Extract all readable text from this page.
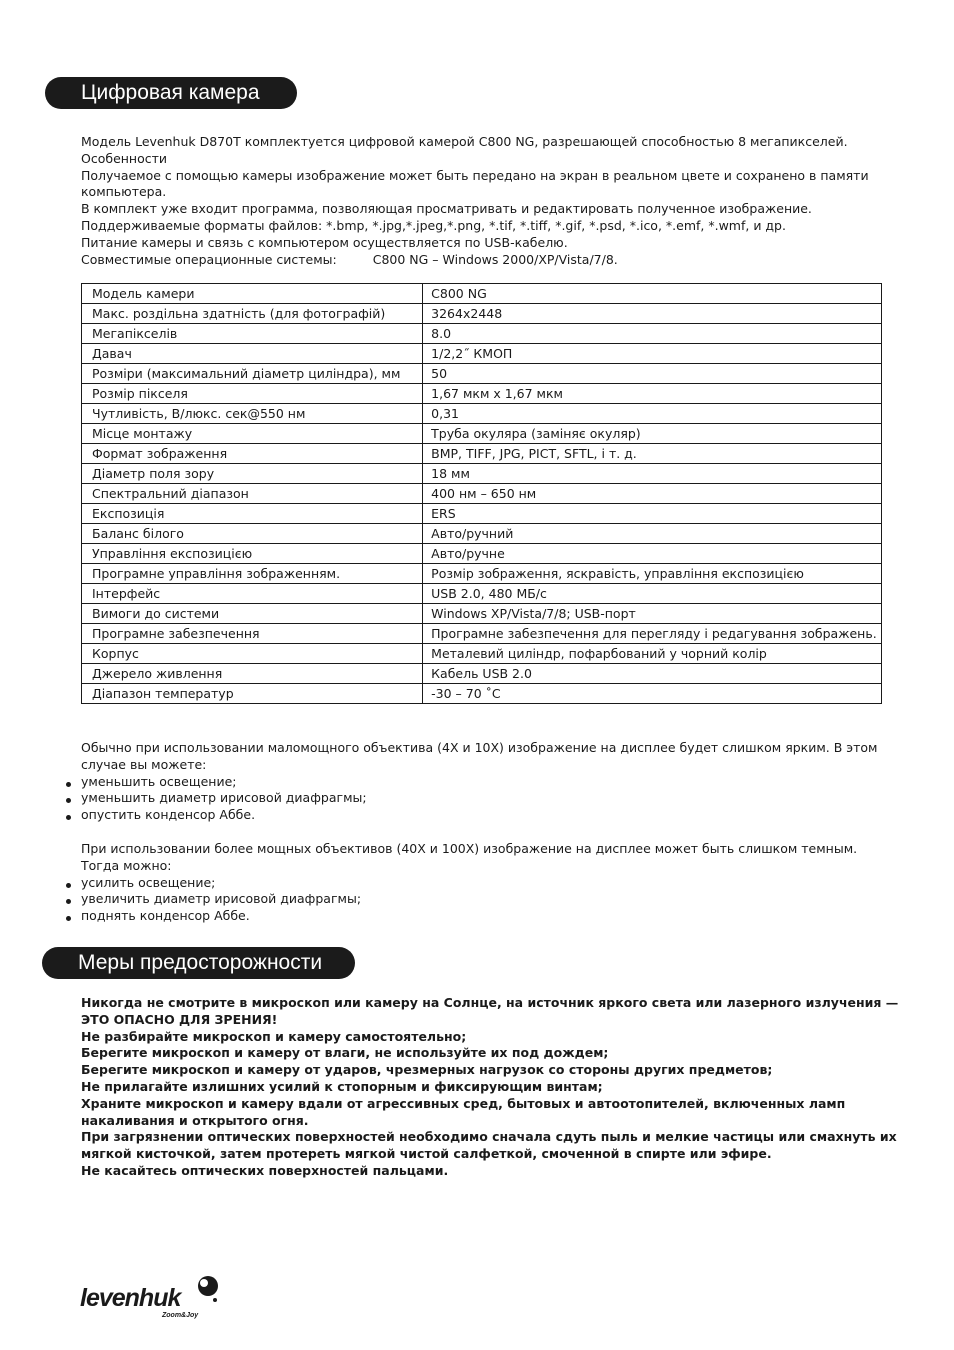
Цифровая камера
Модель Levenhuk D870T комплектуется цифровой камерой C800 NG, разрешающей способностью 8 мегапикселей.
Особенности
Получаемое с помощью камеры изображение может быть передано на экран в реальном цвете и сохранено в памяти
компьютера.
В комплект уже входит программа, позволяющая просматривать и редактировать полученное изображение.
Поддерживаемые форматы файлов: *.bmp, *.jpg,*.jpeg,*.png, *.tif, *.tiff, *.gif, *.psd, *.ico, *.emf, *.wmf, и др.
Питание камеры и связь с компьютером осуществляется по USB-кабелю.
Совместимые операционные системы:	C800 NG – Windows 2000/XP/Vista/7/8.
Модель камери	C800 NG
Макс. роздільна здатність (для фотографій)	3264x2448
Мегапікселів	8.0
Давач	1/2,2˝ КМОП
Розміри (максимальний діаметр циліндра), мм	50
Розмір пікселя	1,67 мкм x 1,67 мкм
Чутливість, В/люкс. сек@550 нм	0,31
Місце монтажу	Труба окуляра (заміняє окуляр)
Формат зображення	BMP, TIFF, JPG, PICT, SFTL, і т. д.
Діаметр поля зору	18 мм
Спектральний діапазон	400 нм – 650 нм
Експозиція	ERS
Баланс білого	Авто/ручний
Управління експозицією	Авто/ручне
Програмне управління зображенням.	Розмір зображення, яскравість, управління експозицією
Інтерфейс	USB 2.0, 480 МБ/с
Вимоги до системи	Windows XP/Vista/7/8; USB-порт
Програмне забезпечення	Програмне забезпечення для перегляду і редагування зображень.
Корпус	Металевий циліндр, пофарбований у чорний колір
Джерело живлення	Кабель USB 2.0
Діапазон температур	-30 – 70 ˚C
Обычно при использовании маломощного объектива (4Х и 10Х) изображение на дисплее будет слишком ярким. В этом
случае вы можете:
уменьшить освещение;
уменьшить диаметр ирисовой диафрагмы;
опустить конденсор Аббе.
При использовании более мощных объективов (40Х и 100Х) изображение на дисплее может быть слишком темным.
Тогда можно:
усилить освещение;
увеличить диаметр ирисовой диафрагмы;
поднять конденсор Аббе.
Меры предосторожности
Никогда не смотрите в микроскоп или камеру на Солнце, на источник яркого света или лазерного излучения —
ЭТО ОПАСНО ДЛЯ ЗРЕНИЯ!
Не разбирайте микроскоп и камеру самостоятельно;
Берегите микроскоп и камеру от влаги, не используйте их под дождем;
Берегите микроскоп и камеру от ударов, чрезмерных нагрузок со стороны других предметов;
Не прилагайте излишних усилий к стопорным и фиксирующим винтам;
Храните микроскоп и камеру вдали от агрессивных сред, бытовых и автоотопителей, включенных ламп
накаливания и открытого огня.
При загрязнении оптических поверхностей необходимо сначала сдуть пыль и мелкие частицы или смахнуть их
мягкой кисточкой, затем протереть мягкой чистой салфеткой, смоченной в спирте или эфире.
Не касайтесь оптических поверхностей пальцами.
levenhuk
Zoom&Joy
